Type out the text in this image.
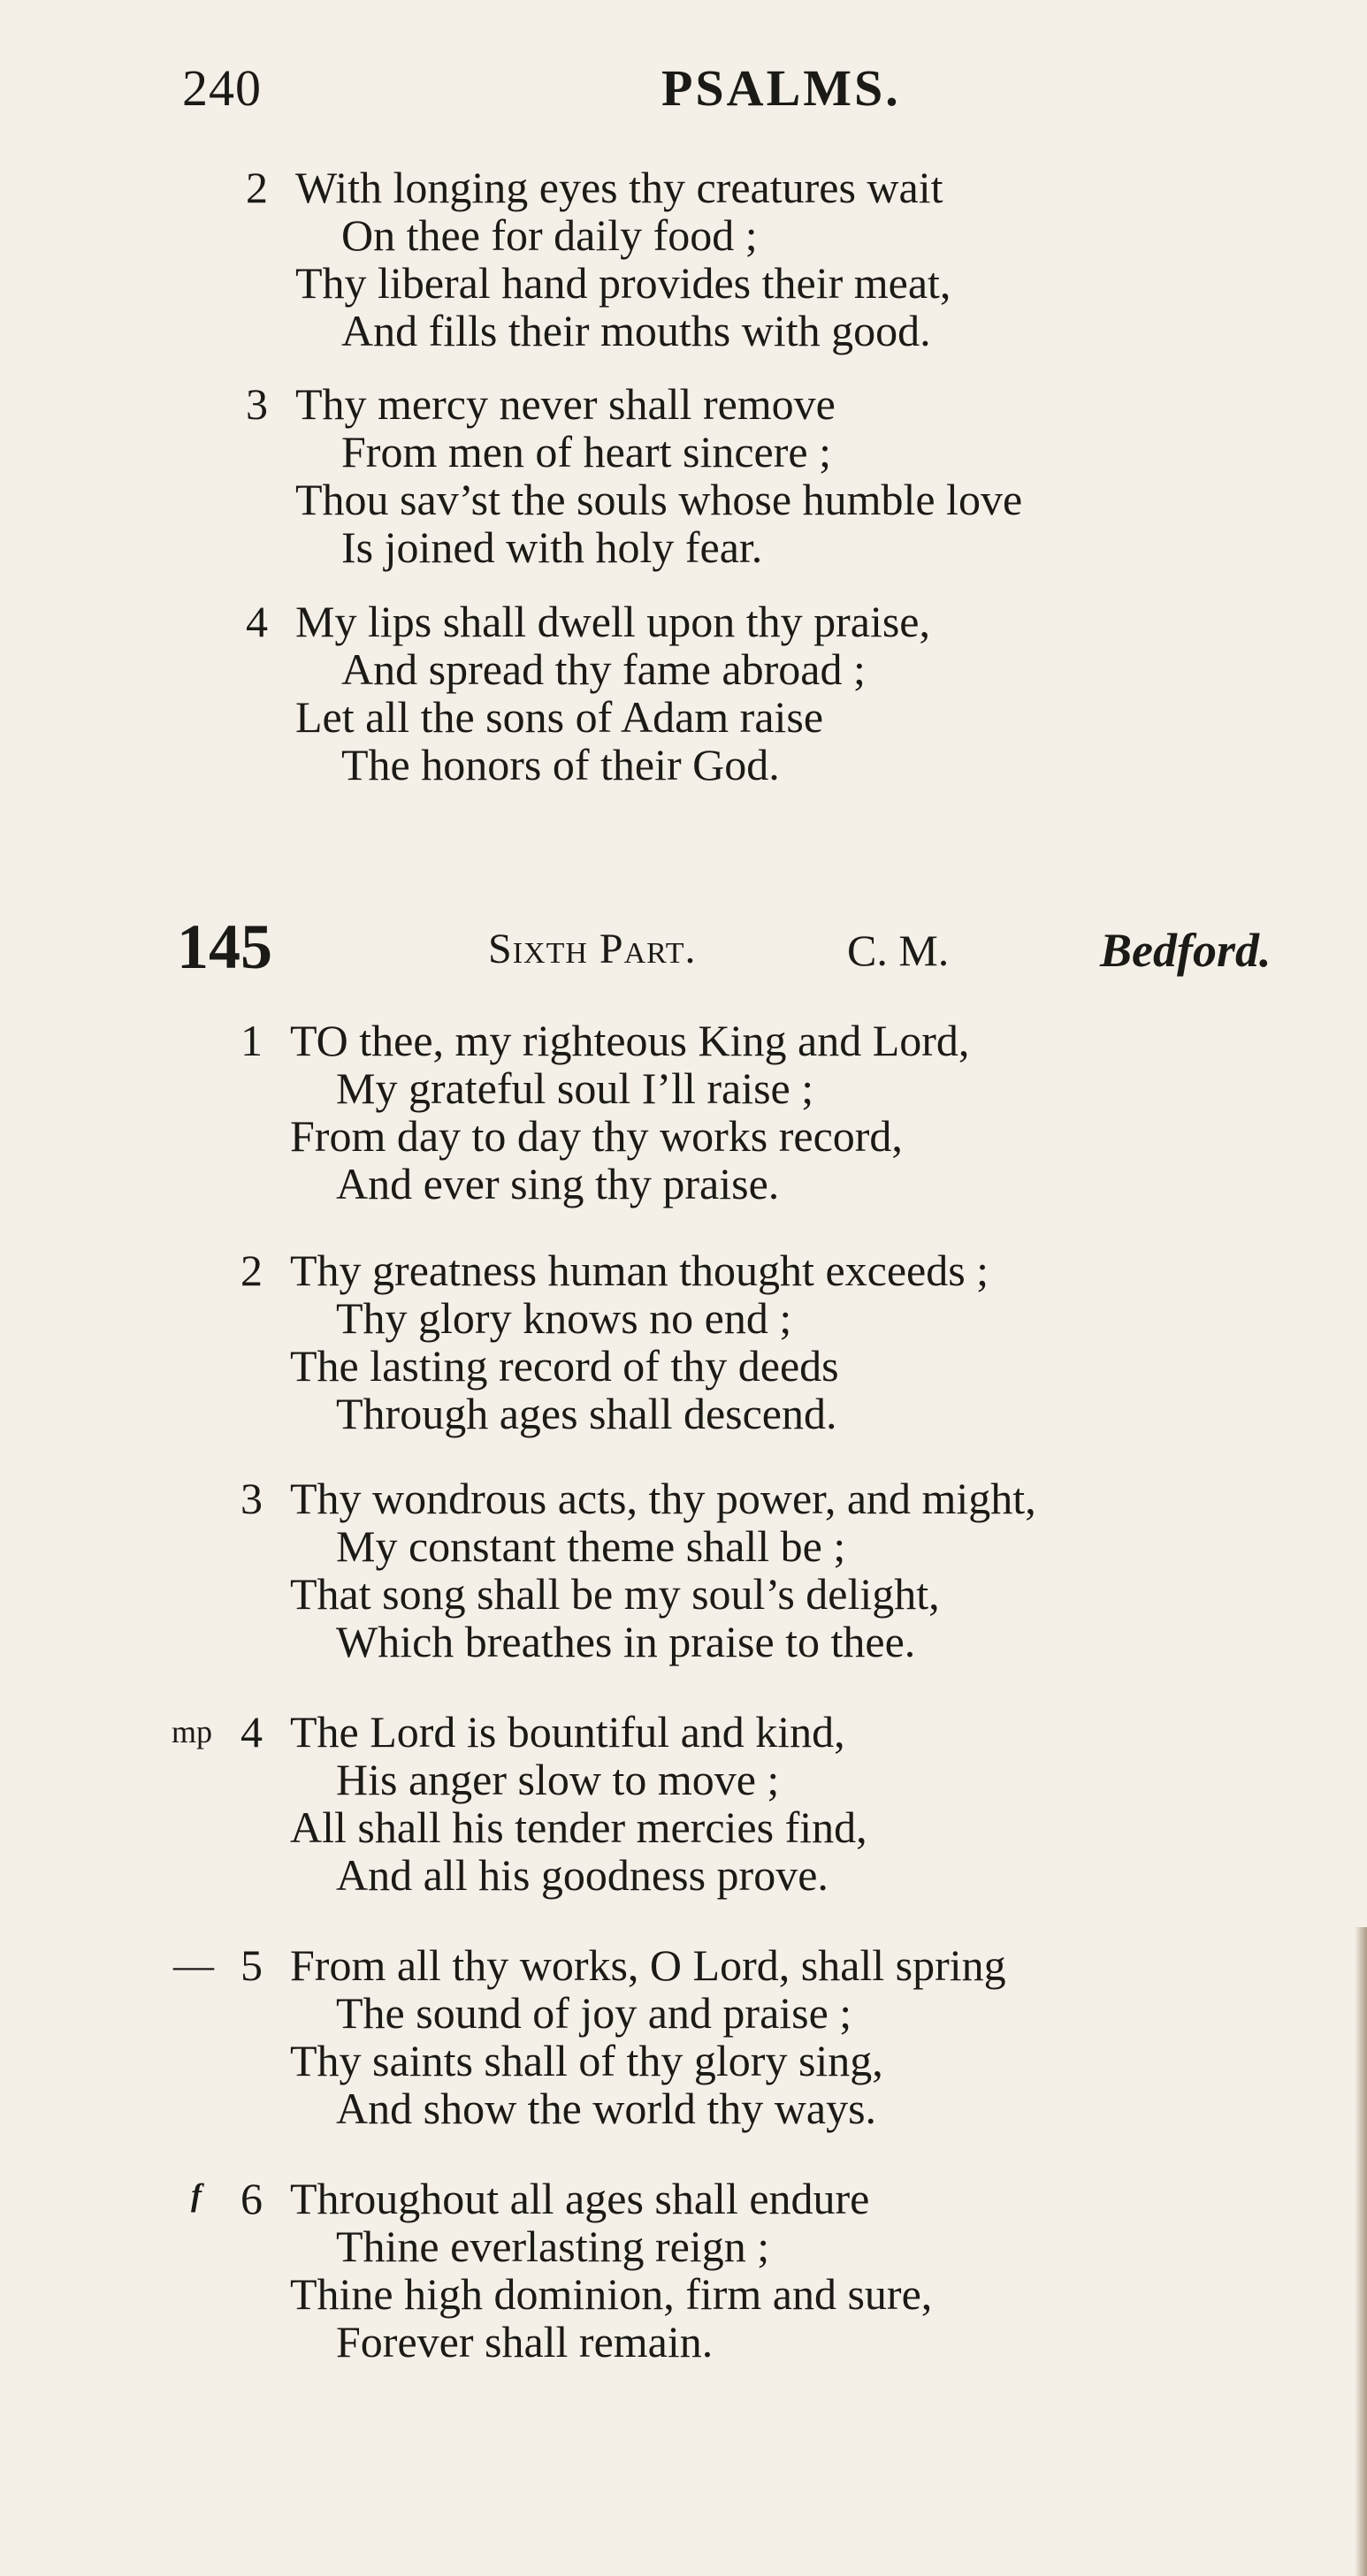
240	PSALMS.
2 With longing eyes thy creatures wait
On thee for daily food ;
Thy liberal hand provides their meat,
And fills their mouths with good.
3 Thy mercy never shall remove
From men of heart sincere ;
Thou sav’st the souls whose humble love
Is joined with holy fear.
4 My lips shall dwell upon thy praise,
And spread thy fame abroad ;
Let all the sons of Adam raise
The honors of their God.
145	Sixth Part.	C. M.	Bedford.
1 TO thee, my righteous King and Lord,
My grateful soul I’ll raise ;
From day to day thy works record,
And ever sing thy praise.
2 Thy greatness human thought exceeds ;
Thy glory knows no end ;
The lasting record of thy deeds
Through ages shall descend.
3 Thy wondrous acts, thy power, and might,
My constant theme shall be ;
That song shall be my soul’s delight,
Which breathes in praise to thee.
mp 4 The Lord is bountiful and kind,
His anger slow to move ;
All shall his tender mercies find,
And all his goodness prove.
— 5 From all thy works, O Lord, shall spring
The sound of joy and praise ;
Thy saints shall of thy glory sing,
And show the world thy ways.
f 6 Throughout all ages shall endure
Thine everlasting reign ;
Thine high dominion, firm and sure,
Forever shall remain.
